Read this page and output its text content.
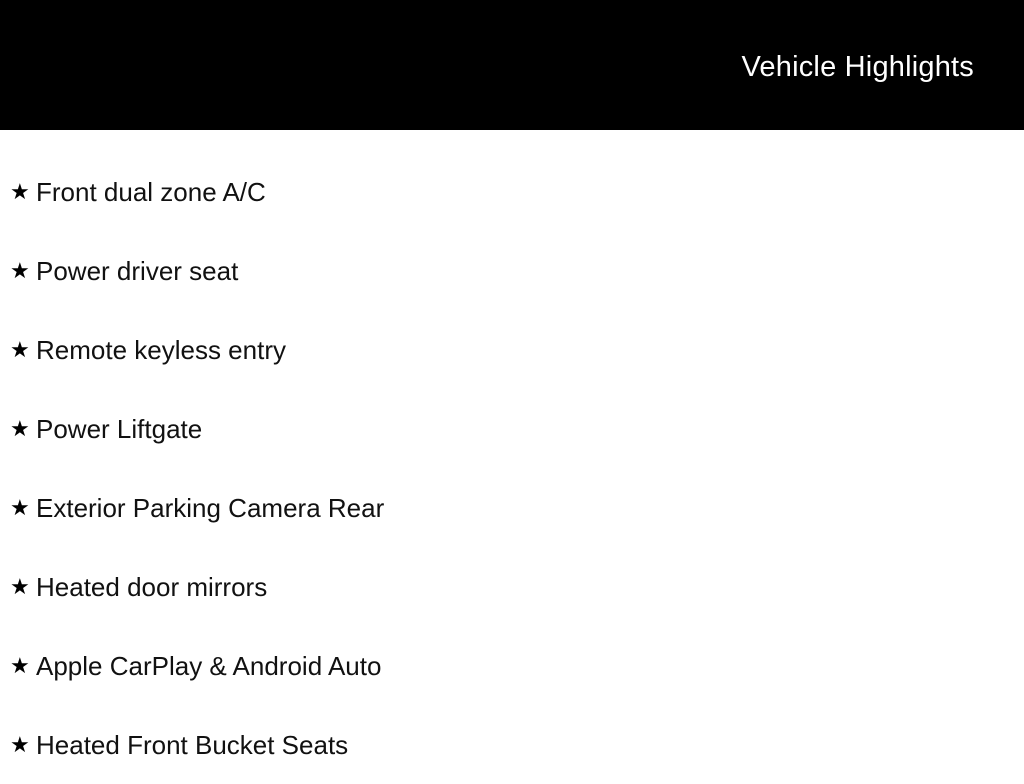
Vehicle Highlights
★ Front dual zone A/C
★ Power driver seat
★ Remote keyless entry
★ Power Liftgate
★ Exterior Parking Camera Rear
★ Heated door mirrors
★ Apple CarPlay & Android Auto
★ Heated Front Bucket Seats
